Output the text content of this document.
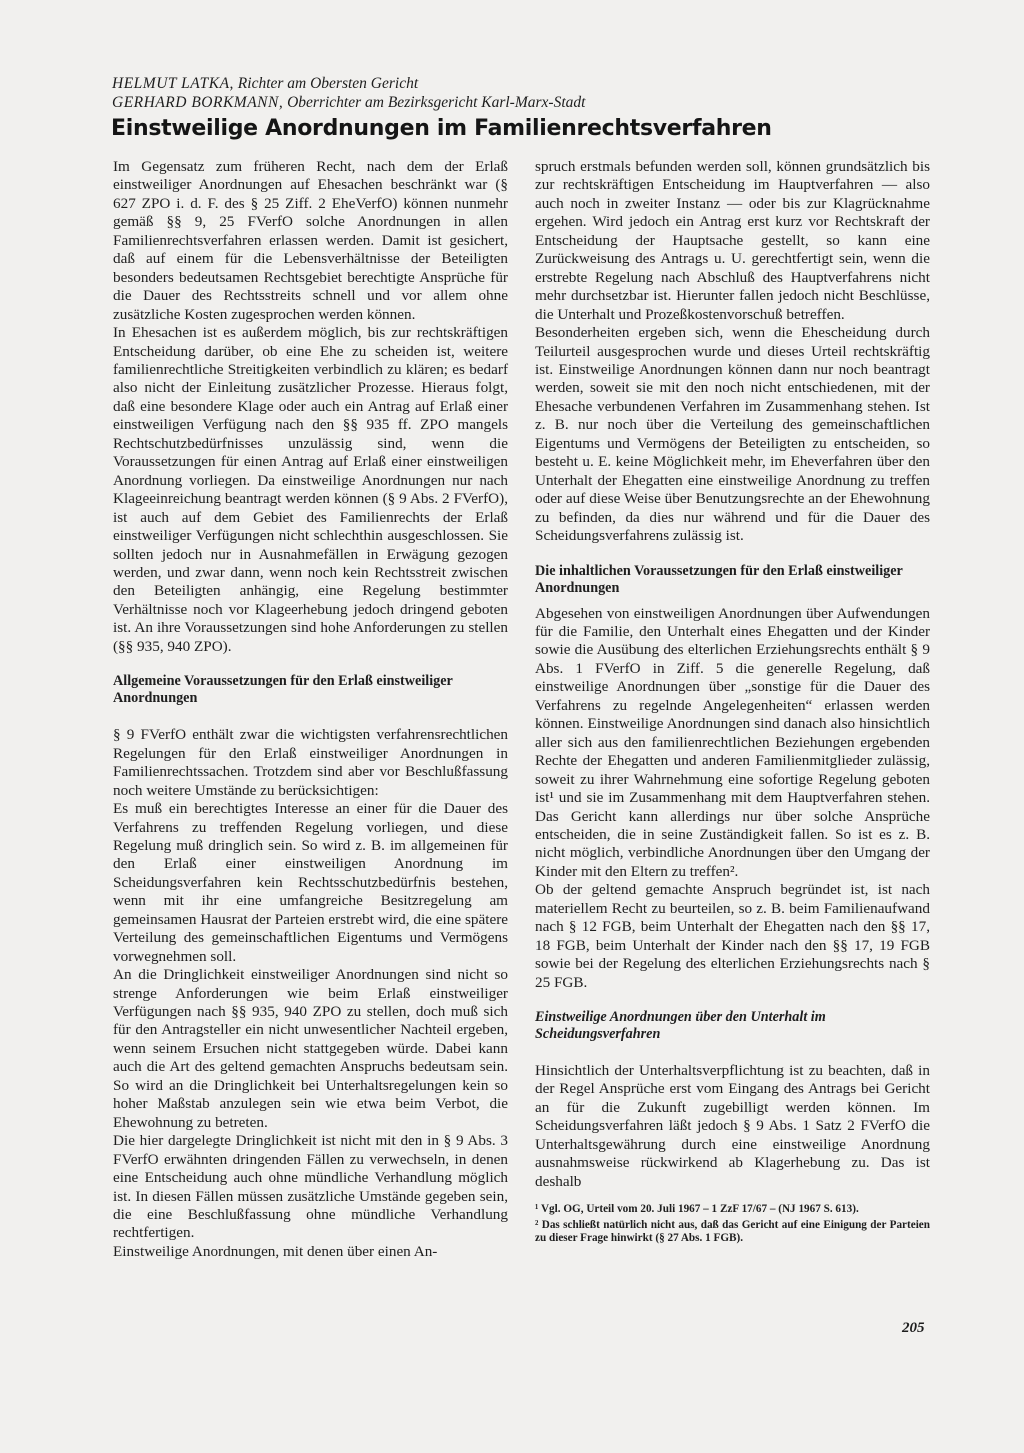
HELMUT LATKA, Richter am Obersten Gericht
GERHARD BORKMANN, Oberrichter am Bezirksgericht Karl-Marx-Stadt
Einstweilige Anordnungen im Familienrechtsverfahren

Im Gegensatz zum früheren Recht, nach dem der Erlaß einstweiliger Anordnungen auf Ehesachen beschränkt war (§ 627 ZPO i. d. F. des § 25 Ziff. 2 EheVerfO) können nunmehr gemäß §§ 9, 25 FVerfO solche Anordnungen in allen Familienrechtsverfahren erlassen werden. Damit ist gesichert, daß auf einem für die Lebensverhältnisse der Beteiligten besonders bedeutsamen Rechtsgebiet berechtigte Ansprüche für die Dauer des Rechtsstreits schnell und vor allem ohne zusätzliche Kosten zugesprochen werden können.

In Ehesachen ist es außerdem möglich, bis zur rechtskräftigen Entscheidung darüber, ob eine Ehe zu scheiden ist, weitere familienrechtliche Streitigkeiten verbindlich zu klären; es bedarf also nicht der Einleitung zusätzlicher Prozesse. Hieraus folgt, daß eine besondere Klage oder auch ein Antrag auf Erlaß einer einstweiligen Verfügung nach den §§ 935 ff. ZPO mangels Rechtschutzbedürfnisses unzulässig sind, wenn die Voraussetzungen für einen Antrag auf Erlaß einer einstweiligen Anordnung vorliegen. Da einstweilige Anordnungen nur nach Klageeinreichung beantragt werden können (§ 9 Abs. 2 FVerfO), ist auch auf dem Gebiet des Familienrechts der Erlaß einstweiliger Verfügungen nicht schlechthin ausgeschlossen. Sie sollten jedoch nur in Ausnahmefällen in Erwägung gezogen werden, und zwar dann, wenn noch kein Rechtsstreit zwischen den Beteiligten anhängig, eine Regelung bestimmter Verhältnisse noch vor Klageerhebung jedoch dringend geboten ist. An ihre Voraussetzungen sind hohe Anforderungen zu stellen (§§ 935, 940 ZPO).

Allgemeine Voraussetzungen für den Erlaß einstweiliger Anordnungen

§ 9 FVerfO enthält zwar die wichtigsten verfahrensrechtlichen Regelungen für den Erlaß einstweiliger Anordnungen in Familienrechtssachen. Trotzdem sind aber vor Beschlußfassung noch weitere Umstände zu berücksichtigen:

Es muß ein berechtigtes Interesse an einer für die Dauer des Verfahrens zu treffenden Regelung vorliegen, und diese Regelung muß dringlich sein. So wird z. B. im allgemeinen für den Erlaß einer einstweiligen Anordnung im Scheidungsverfahren kein Rechtsschutzbedürfnis bestehen, wenn mit ihr eine umfangreiche Besitzregelung am gemeinsamen Hausrat der Parteien erstrebt wird, die eine spätere Verteilung des gemeinschaftlichen Eigentums und Vermögens vorwegnehmen soll.

An die Dringlichkeit einstweiliger Anordnungen sind nicht so strenge Anforderungen wie beim Erlaß einstweiliger Verfügungen nach §§ 935, 940 ZPO zu stellen, doch muß sich für den Antragsteller ein nicht unwesentlicher Nachteil ergeben, wenn seinem Ersuchen nicht stattgegeben würde. Dabei kann auch die Art des geltend gemachten Anspruchs bedeutsam sein. So wird an die Dringlichkeit bei Unterhaltsregelungen kein so hoher Maßstab anzulegen sein wie etwa beim Verbot, die Ehewohnung zu betreten.

Die hier dargelegte Dringlichkeit ist nicht mit den in § 9 Abs. 3 FVerfO erwähnten dringenden Fällen zu verwechseln, in denen eine Entscheidung auch ohne mündliche Verhandlung möglich ist. In diesen Fällen müssen zusätzliche Umstände gegeben sein, die eine Beschlußfassung ohne mündliche Verhandlung rechtfertigen.

Einstweilige Anordnungen, mit denen über einen An-

spruch erstmals befunden werden soll, können grundsätzlich bis zur rechtskräftigen Entscheidung im Hauptverfahren — also auch noch in zweiter Instanz — oder bis zur Klagrücknahme ergehen. Wird jedoch ein Antrag erst kurz vor Rechtskraft der Entscheidung der Hauptsache gestellt, so kann eine Zurückweisung des Antrags u. U. gerechtfertigt sein, wenn die erstrebte Regelung nach Abschluß des Hauptverfahrens nicht mehr durchsetzbar ist. Hierunter fallen jedoch nicht Beschlüsse, die Unterhalt und Prozeßkostenvorschuß betreffen.

Besonderheiten ergeben sich, wenn die Ehescheidung durch Teilurteil ausgesprochen wurde und dieses Urteil rechtskräftig ist. Einstweilige Anordnungen können dann nur noch beantragt werden, soweit sie mit den noch nicht entschiedenen, mit der Ehesache verbundenen Verfahren im Zusammenhang stehen. Ist z. B. nur noch über die Verteilung des gemeinschaftlichen Eigentums und Vermögens der Beteiligten zu entscheiden, so besteht u. E. keine Möglichkeit mehr, im Eheverfahren über den Unterhalt der Ehegatten eine einstweilige Anordnung zu treffen oder auf diese Weise über Benutzungsrechte an der Ehewohnung zu befinden, da dies nur während und für die Dauer des Scheidungsverfahrens zulässig ist.

Die inhaltlichen Voraussetzungen für den Erlaß einstweiliger Anordnungen

Abgesehen von einstweiligen Anordnungen über Aufwendungen für die Familie, den Unterhalt eines Ehegatten und der Kinder sowie die Ausübung des elterlichen Erziehungsrechts enthält § 9 Abs. 1 FVerfO in Ziff. 5 die generelle Regelung, daß einstweilige Anordnungen über „sonstige für die Dauer des Verfahrens zu regelnde Angelegenheiten“ erlassen werden können. Einstweilige Anordnungen sind danach also hinsichtlich aller sich aus den familienrechtlichen Beziehungen ergebenden Rechte der Ehegatten und anderen Familienmitglieder zulässig, soweit zu ihrer Wahrnehmung eine sofortige Regelung geboten ist¹ und sie im Zusammenhang mit dem Hauptverfahren stehen. Das Gericht kann allerdings nur über solche Ansprüche entscheiden, die in seine Zuständigkeit fallen. So ist es z. B. nicht möglich, verbindliche Anordnungen über den Umgang der Kinder mit den Eltern zu treffen².

Ob der geltend gemachte Anspruch begründet ist, ist nach materiellem Recht zu beurteilen, so z. B. beim Familienaufwand nach § 12 FGB, beim Unterhalt der Ehegatten nach den §§ 17, 18 FGB, beim Unterhalt der Kinder nach den §§ 17, 19 FGB sowie bei der Regelung des elterlichen Erziehungsrechts nach § 25 FGB.

Einstweilige Anordnungen über den Unterhalt im Scheidungsverfahren

Hinsichtlich der Unterhaltsverpflichtung ist zu beachten, daß in der Regel Ansprüche erst vom Eingang des Antrags bei Gericht an für die Zukunft zugebilligt werden können. Im Scheidungsverfahren läßt jedoch § 9 Abs. 1 Satz 2 FVerfO die Unterhaltsgewährung durch eine einstweilige Anordnung ausnahmsweise rückwirkend ab Klagerhebung zu. Das ist deshalb

¹ Vgl. OG, Urteil vom 20. Juli 1967 – 1 ZzF 17/67 – (NJ 1967 S. 613).

² Das schließt natürlich nicht aus, daß das Gericht auf eine Einigung der Parteien zu dieser Frage hinwirkt (§ 27 Abs. 1 FGB).

205
